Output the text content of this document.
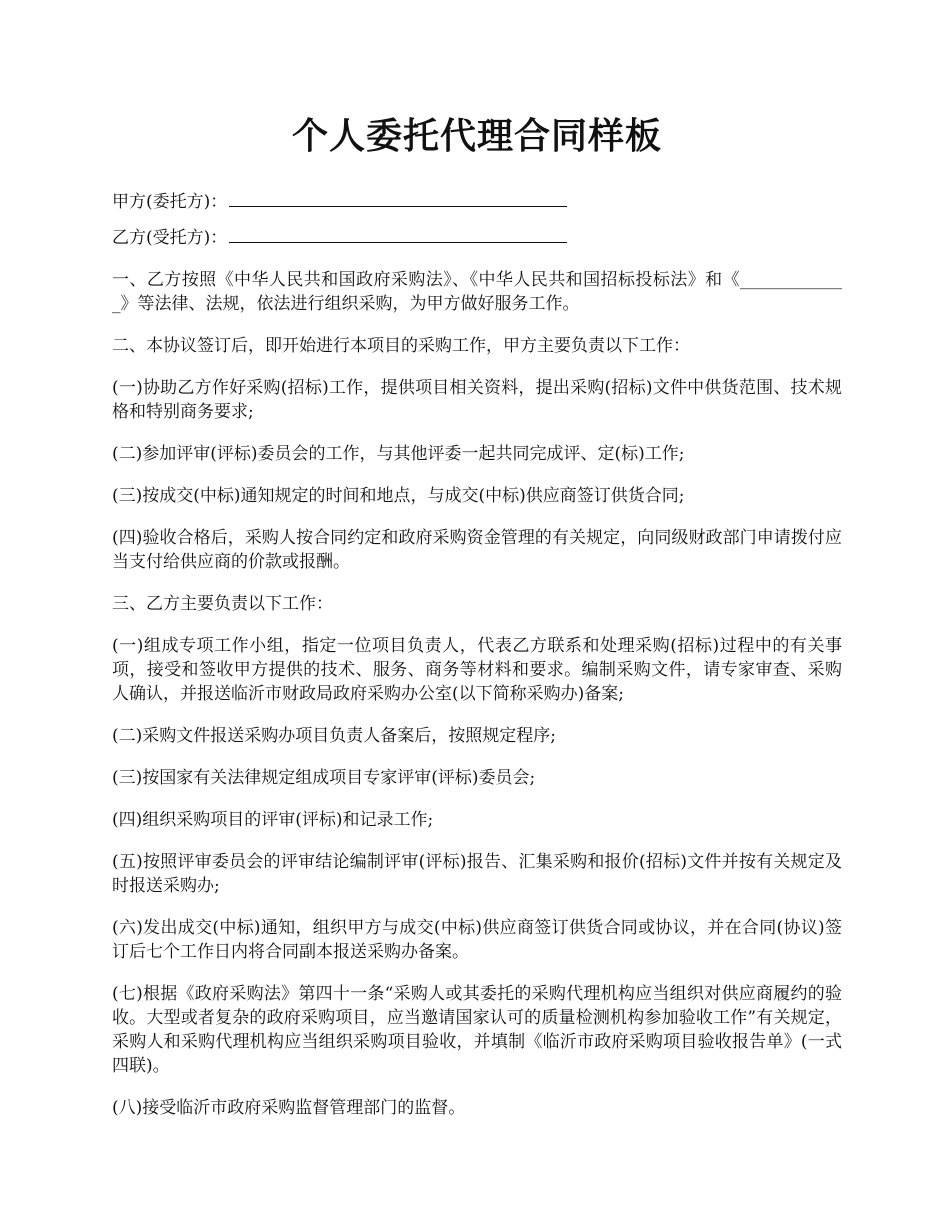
个人委托代理合同样板
甲方(委托方)：
乙方(受托方)：

一、乙方按照《中华人民共和国政府采购法》、《中华人民共和国招标投标法》和《_____________》等法律、法规，依法进行组织采购，为甲方做好服务工作。

二、本协议签订后，即开始进行本项目的采购工作，甲方主要负责以下工作：

(一)协助乙方作好采购(招标)工作，提供项目相关资料，提出采购(招标)文件中供货范围、技术规格和特别商务要求;

(二)参加评审(评标)委员会的工作，与其他评委一起共同完成评、定(标)工作;

(三)按成交(中标)通知规定的时间和地点，与成交(中标)供应商签订供货合同;

(四)验收合格后，采购人按合同约定和政府采购资金管理的有关规定，向同级财政部门申请拨付应当支付给供应商的价款或报酬。

三、乙方主要负责以下工作：

(一)组成专项工作小组，指定一位项目负责人，代表乙方联系和处理采购(招标)过程中的有关事项，接受和签收甲方提供的技术、服务、商务等材料和要求。编制采购文件，请专家审查、采购人确认，并报送临沂市财政局政府采购办公室(以下简称采购办)备案;

(二)采购文件报送采购办项目负责人备案后，按照规定程序;

(三)按国家有关法律规定组成项目专家评审(评标)委员会;

(四)组织采购项目的评审(评标)和记录工作;

(五)按照评审委员会的评审结论编制评审(评标)报告、汇集采购和报价(招标)文件并按有关规定及时报送采购办;

(六)发出成交(中标)通知，组织甲方与成交(中标)供应商签订供货合同或协议，并在合同(协议)签订后七个工作日内将合同副本报送采购办备案。

(七)根据《政府采购法》第四十一条“采购人或其委托的采购代理机构应当组织对供应商履约的验收。大型或者复杂的政府采购项目，应当邀请国家认可的质量检测机构参加验收工作”有关规定，采购人和采购代理机构应当组织采购项目验收，并填制《临沂市政府采购项目验收报告单》(一式四联)。

(八)接受临沂市政府采购监督管理部门的监督。
